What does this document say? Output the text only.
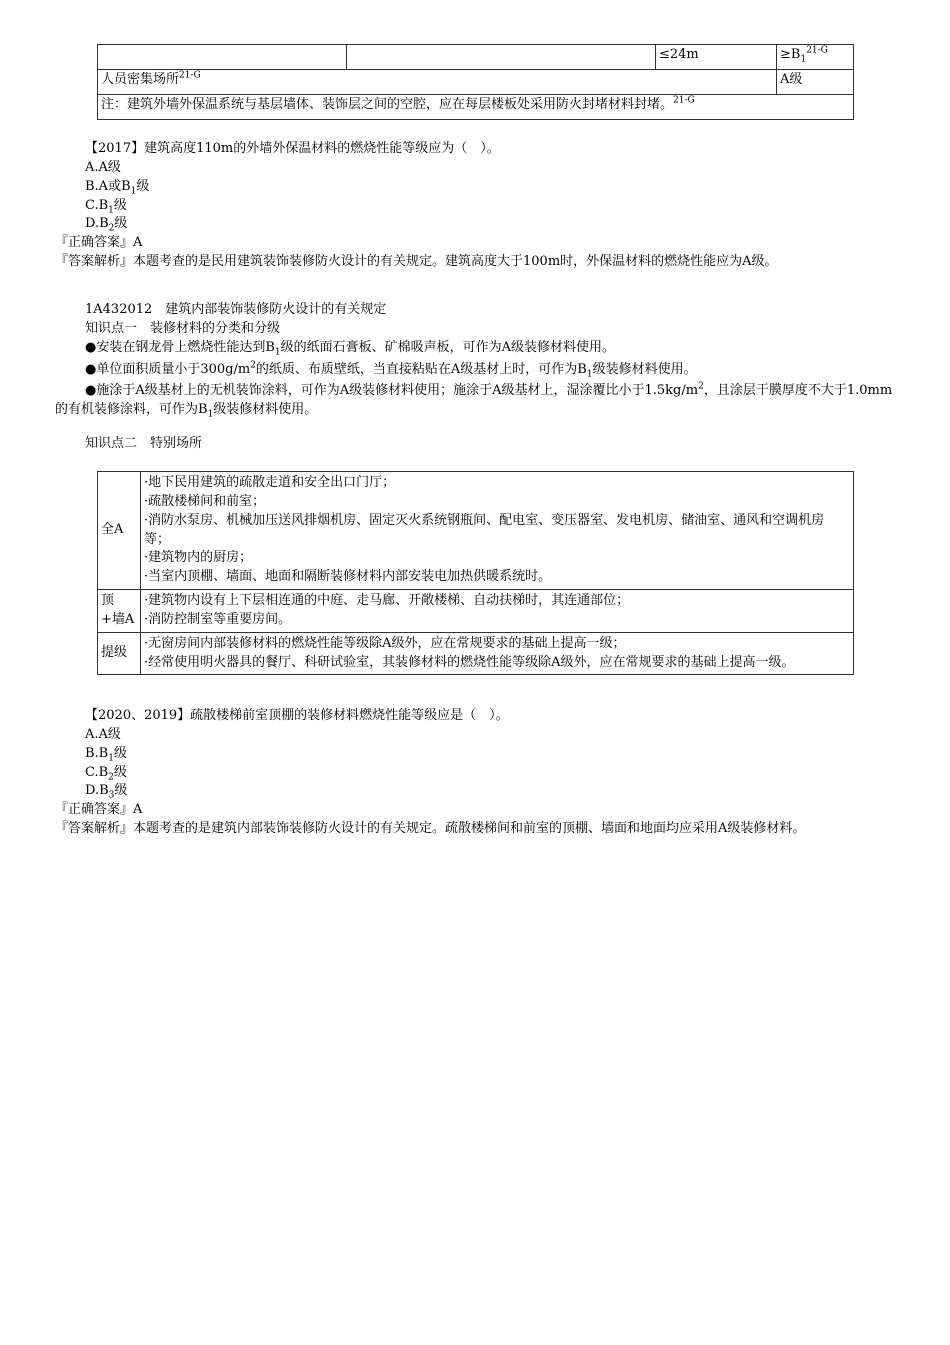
		≤24m	$\ge B_1^{21-G}$
人员密集场所$^{21-G}$			A级
注：建筑外墙外保温系统与基层墙体、装饰层之间的空腔，应在每层楼板处采用防火封堵材料封堵。$^{21-G}$
【2017】建筑高度110m的外墙外保温材料的燃烧性能等级应为（　）。
A.A级
B.A或$B_1$级
$C.B_1$级
$D.B_2$级
『正确答案』A
『答案解析』本题考查的是民用建筑装饰装修防火设计的有关规定。建筑高度大于100m时，外保温材料的燃烧性能应为A级。
1A432012　建筑内部装饰装修防火设计的有关规定
知识点一　装修材料的分类和分级
●安装在钢龙骨上燃烧性能达到$B_1$级的纸面石膏板、矿棉吸声板，可作为A级装修材料使用。
●单位面积质量小于$300g/m^2$的纸质、布质壁纸，当直接粘贴在A级基材上时，可作为$B_1$级装修材料使用。
●施涂于A级基材上的无机装饰涂料，可作为A级装修材料使用；施涂于A级基材上，湿涂覆比小于$1.5kg/m^2$，且涂层干膜厚度不大于1.0mm的有机装修涂料，可作为$B_1$级装修材料使用。
知识点二　特别场所
全A	·地下民用建筑的疏散走道和安全出口门厅；
·疏散楼梯间和前室；
·消防水泵房、机械加压送风排烟机房、固定灭火系统钢瓶间、配电室、变压器室、发电机房、储油室、通风和空调机房等；
·建筑物内的厨房；
·当室内顶棚、墙面、地面和隔断装修材料内部安装电加热供暖系统时。

顶+墙A	·建筑物内设有上下层相连通的中庭、走马廊、开敞楼梯、自动扶梯时，其连通部位；
·消防控制室等重要房间。

提级	·无窗房间内部装修材料的燃烧性能等级除A级外，应在常规要求的基础上提高一级；
·经常使用明火器具的餐厅、科研试验室，其装修材料的燃烧性能等级除A级外，应在常规要求的基础上提高一级。
【2020、2019】疏散楼梯前室顶棚的装修材料燃烧性能等级应是（　）。
A.A级
$B.B_1$级
$C.B_2$级
$D.B_3$级
『正确答案』A
『答案解析』本题考查的是建筑内部装饰装修防火设计的有关规定。疏散楼梯间和前室的顶棚、墙面和地面均应采用A级装修材料。
